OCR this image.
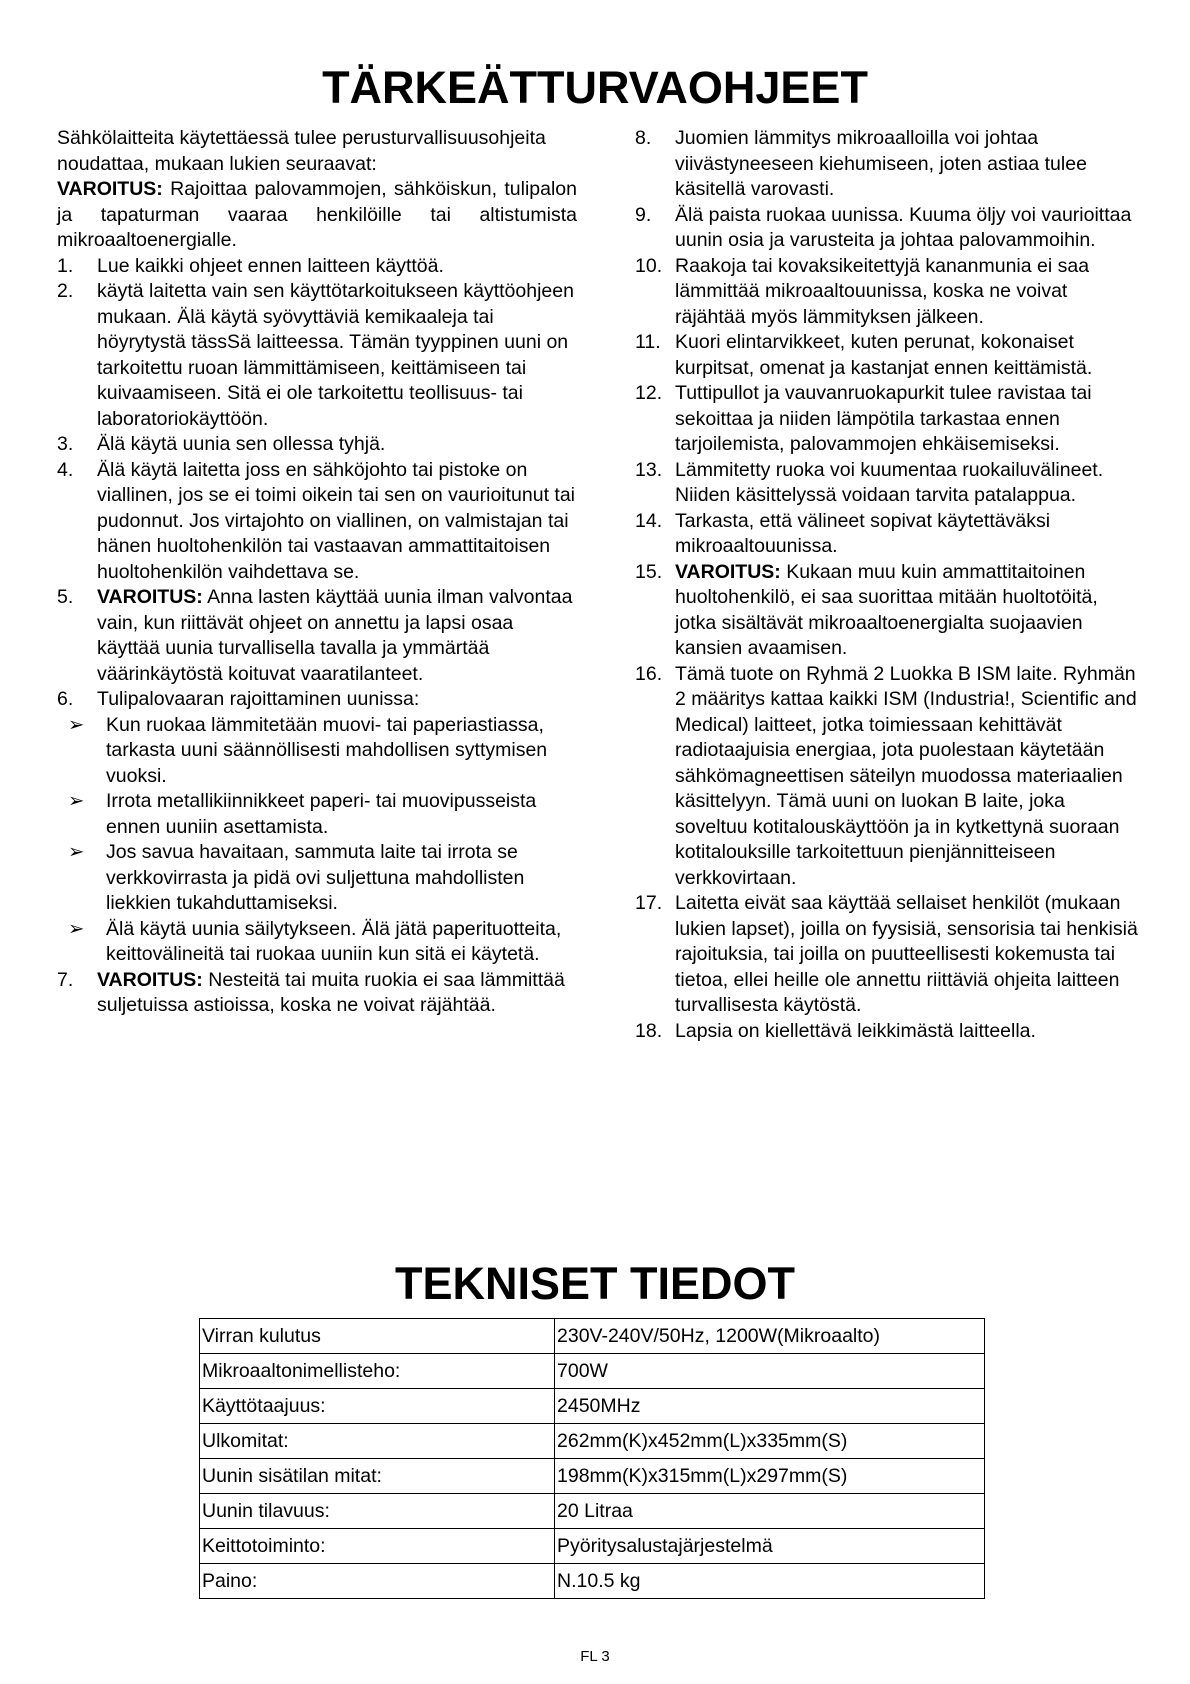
TÄRKEÄTTURVAOHJEET

Sähkölaitteita käytettäessä tulee perusturvallisuusohjeita noudattaa, mukaan lukien seuraavat:

VAROITUS: Rajoittaa palovammojen, sähköiskun, tulipalon ja tapaturman vaaraa henkilöille tai altistumista mikroaaltoenergialle.

1.	Lue kaikki ohjeet ennen laitteen käyttöä.
2.	käytä laitetta vain sen käyttötarkoitukseen käyttöohjeen mukaan. Älä käytä syövyttäviä kemikaaleja tai höyrytystä tässSä laitteessa. Tämän tyyppinen uuni on tarkoitettu ruoan lämmittämiseen, keittämiseen tai kuivaamiseen. Sitä ei ole tarkoitettu teollisuus- tai laboratoriokäyttöön.
3.	Älä käytä uunia sen ollessa tyhjä.
4.	Älä käytä laitetta joss en sähköjohto tai pistoke on viallinen, jos se ei toimi oikein tai sen on vaurioitunut tai pudonnut. Jos virtajohto on viallinen, on valmistajan tai hänen huoltohenkilön tai vastaavan ammattitaitoisen huoltohenkilön vaihdettava se.
5.	VAROITUS: Anna lasten käyttää uunia ilman valvontaa vain, kun riittävät ohjeet on annettu ja lapsi osaa käyttää uunia turvallisella tavalla ja ymmärtää väärinkäytöstä koituvat vaaratilanteet.
6.	Tulipalovaaran rajoittaminen uunissa:
➢	Kun ruokaa lämmitetään muovi- tai paperiastiassa, tarkasta uuni säännöllisesti mahdollisen syttymisen vuoksi.
➢	Irrota metallikiinnikkeet paperi- tai muovipusseista ennen uuniin asettamista.
➢	Jos savua havaitaan, sammuta laite tai irrota se verkkovirrasta ja pidä ovi suljettuna mahdollisten liekkien tukahduttamiseksi.
➢	Älä käytä uunia säilytykseen. Älä jätä paperituotteita, keittovälineitä tai ruokaa uuniin kun sitä ei käytetä.
7.	VAROITUS: Nesteitä tai muita ruokia ei saa lämmittää suljetuissa astioissa, koska ne voivat räjähtää.
8.	Juomien lämmitys mikroaalloilla voi johtaa viivästyneeseen kiehumiseen, joten astiaa tulee käsitellä varovasti.
9.	Älä paista ruokaa uunissa. Kuuma öljy voi vaurioittaa uunin osia ja varusteita ja johtaa palovammoihin.
10. Raakoja tai kovaksikeitettyjä kananmunia ei saa lämmittää mikroaaltouunissa, koska ne voivat räjähtää myös lämmityksen jälkeen.
11. Kuori elintarvikkeet, kuten perunat, kokonaiset kurpitsat, omenat ja kastanjat ennen keittämistä.
12. Tuttipullot ja vauvanruokapurkit tulee ravistaa tai sekoittaa ja niiden lämpötila tarkastaa ennen tarjoilemista, palovammojen ehkäisemiseksi.
13. Lämmitetty ruoka voi kuumentaa ruokailuvälineet. Niiden käsittelyssä voidaan tarvita patalappua.
14. Tarkasta, että välineet sopivat käytettäväksi mikroaaltouunissa.
15. VAROITUS: Kukaan muu kuin ammattitaitoinen huoltohenkilö, ei saa suorittaa mitään huoltotöitä, jotka sisältävät mikroaaltoenergialta suojaavien kansien avaamisen.
16. Tämä tuote on Ryhmä 2 Luokka B ISM laite. Ryhmän 2 määritys kattaa kaikki ISM (Industria!, Scientific and Medical) laitteet, jotka toimiessaan kehittävät radiotaajuisia energiaa, jota puolestaan käytetään sähkömagneettisen säteilyn muodossa materiaalien käsittelyyn. Tämä uuni on luokan B laite, joka soveltuu kotitalouskäyttöön ja in kytkettynä suoraan kotitalouksille tarkoitettuun pienjännitteiseen verkkovirtaan.
17. Laitetta eivät saa käyttää sellaiset henkilöt (mukaan lukien lapset), joilla on fyysisiä, sensorisia tai henkisiä rajoituksia, tai joilla on puutteellisesti kokemusta tai tietoa, ellei heille ole annettu riittäviä ohjeita laitteen turvallisesta käytöstä.
18. Lapsia on kiellettävä leikkimästä laitteella.
TEKNISET TIEDOT
Virran kulutus	230V-240V/50Hz, 1200W(Mikroaalto)
Mikroaaltonimellisteho:	700W
Käyttötaajuus:	2450MHz
Ulkomitat:	262mm(K)x452mm(L)x335mm(S)
Uunin sisätilan mitat:	198mm(K)x315mm(L)x297mm(S)
Uunin tilavuus:	20 Litraa
Keittotoiminto:	Pyöritysalustajärjestelmä
Paino:	N.10.5 kg
FL 3
